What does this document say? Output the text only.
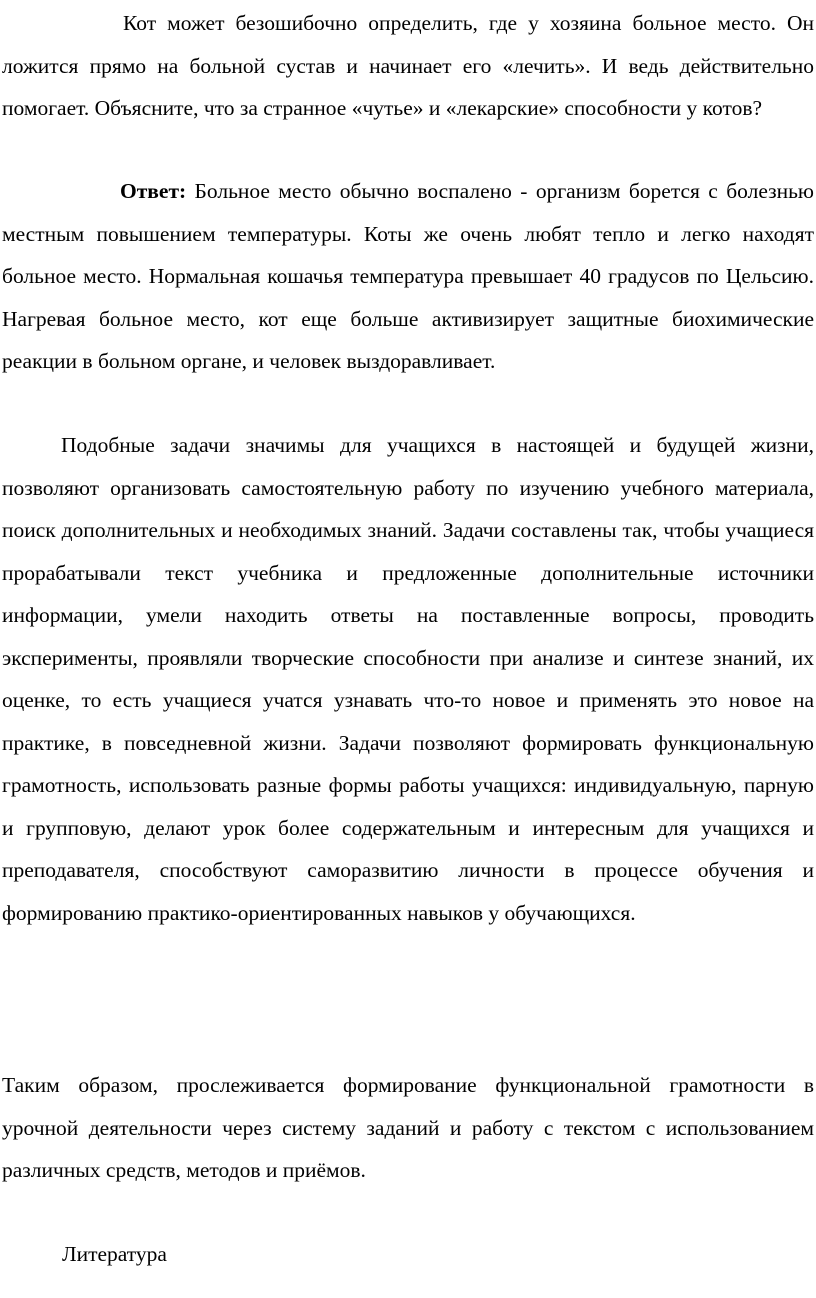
Кот может безошибочно определить, где у хозяина больное место. Он ложится прямо на больной сустав и начинает его «лечить». И ведь действительно помогает. Объясните, что за странное «чутье» и «лекарские» способности у котов?

Ответ: Больное место обычно воспалено - организм борется с болезнью местным повышением температуры. Коты же очень любят тепло и легко находят больное место. Нормальная кошачья температура превышает 40 градусов по Цельсию. Нагревая больное место, кот еще больше активизирует защитные биохимические реакции в больном органе, и человек выздоравливает.

Подобные задачи значимы для учащихся в настоящей и будущей жизни, позволяют организовать самостоятельную работу по изучению учебного материала, поиск дополнительных и необходимых знаний. Задачи составлены так, чтобы учащиеся прорабатывали текст учебника и предложенные дополнительные источники информации, умели находить ответы на поставленные вопросы, проводить эксперименты, проявляли творческие способности при анализе и синтезе знаний, их оценке, то есть учащиеся учатся узнавать что-то новое и применять это новое на практике, в повседневной жизни. Задачи позволяют формировать функциональную грамотность, использовать разные формы работы учащихся: индивидуальную, парную и групповую, делают урок более содержательным и интересным для учащихся и преподавателя, способствуют саморазвитию личности в процессе обучения и формированию практико-ориентированных навыков у обучающихся.

Таким образом, прослеживается формирование функциональной грамотности в урочной деятельности через систему заданий и работу с текстом с использованием различных средств, методов и приёмов.

Литература
